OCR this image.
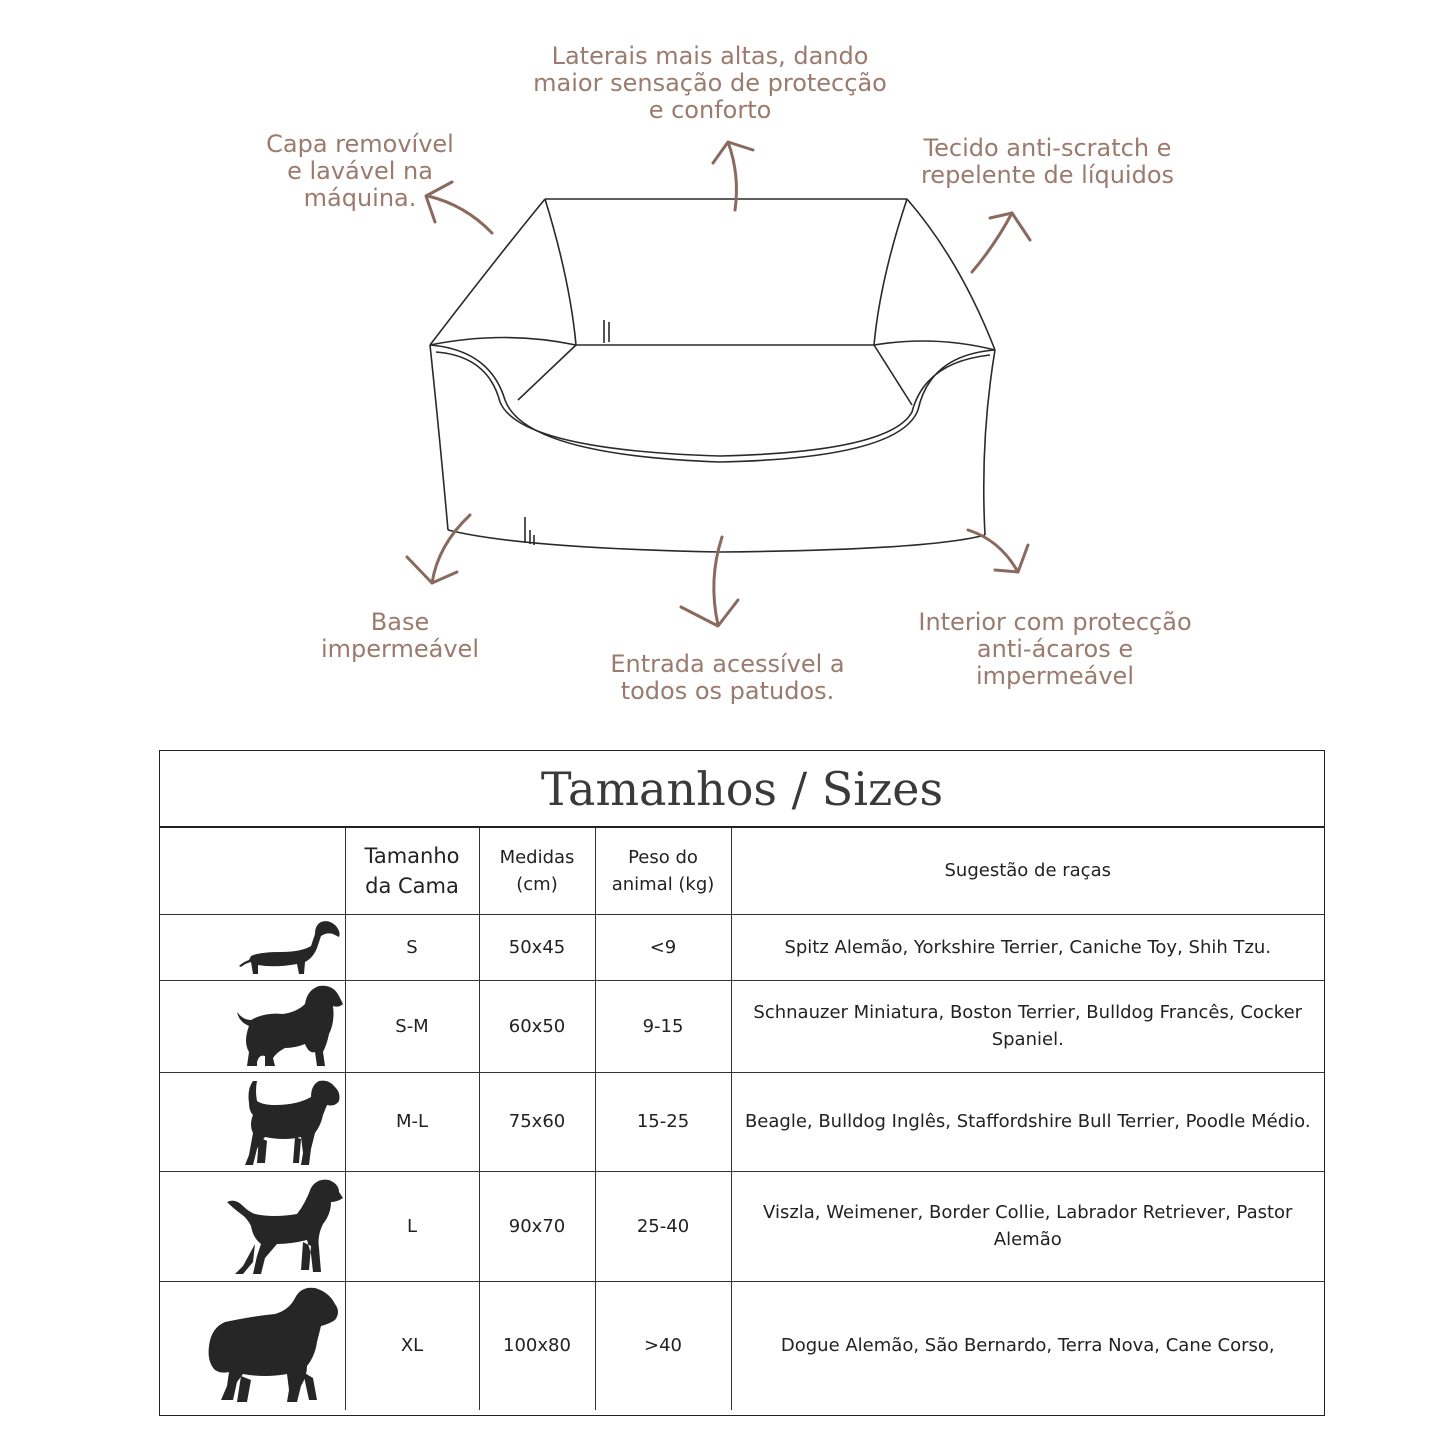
Laterais mais altas, dando
maior sensação de protecção
e conforto
Capa removível
e lavável na
máquina.
Tecido anti-scratch e
repelente de líquidos
Base
impermeável
Entrada acessível a
todos os patudos.
Interior com protecção
anti-ácaros e
impermeável
Tamanhos / Sizes
	Tamanho da Cama	Medidas (cm)	Peso do animal (kg)	Sugestão de raças
	S	50x45	<9	Spitz Alemão, Yorkshire Terrier, Caniche Toy, Shih Tzu.
	S-M	60x50	9-15	Schnauzer Miniatura, Boston Terrier, Bulldog Francês, Cocker Spaniel.
	M-L	75x60	15-25	Beagle, Bulldog Inglês, Staffordshire Bull Terrier, Poodle Médio.
	L	90x70	25-40	Viszla, Weimener, Border Collie, Labrador Retriever, Pastor Alemão
	XL	100x80	>40	Dogue Alemão, São Bernardo, Terra Nova, Cane Corso,
